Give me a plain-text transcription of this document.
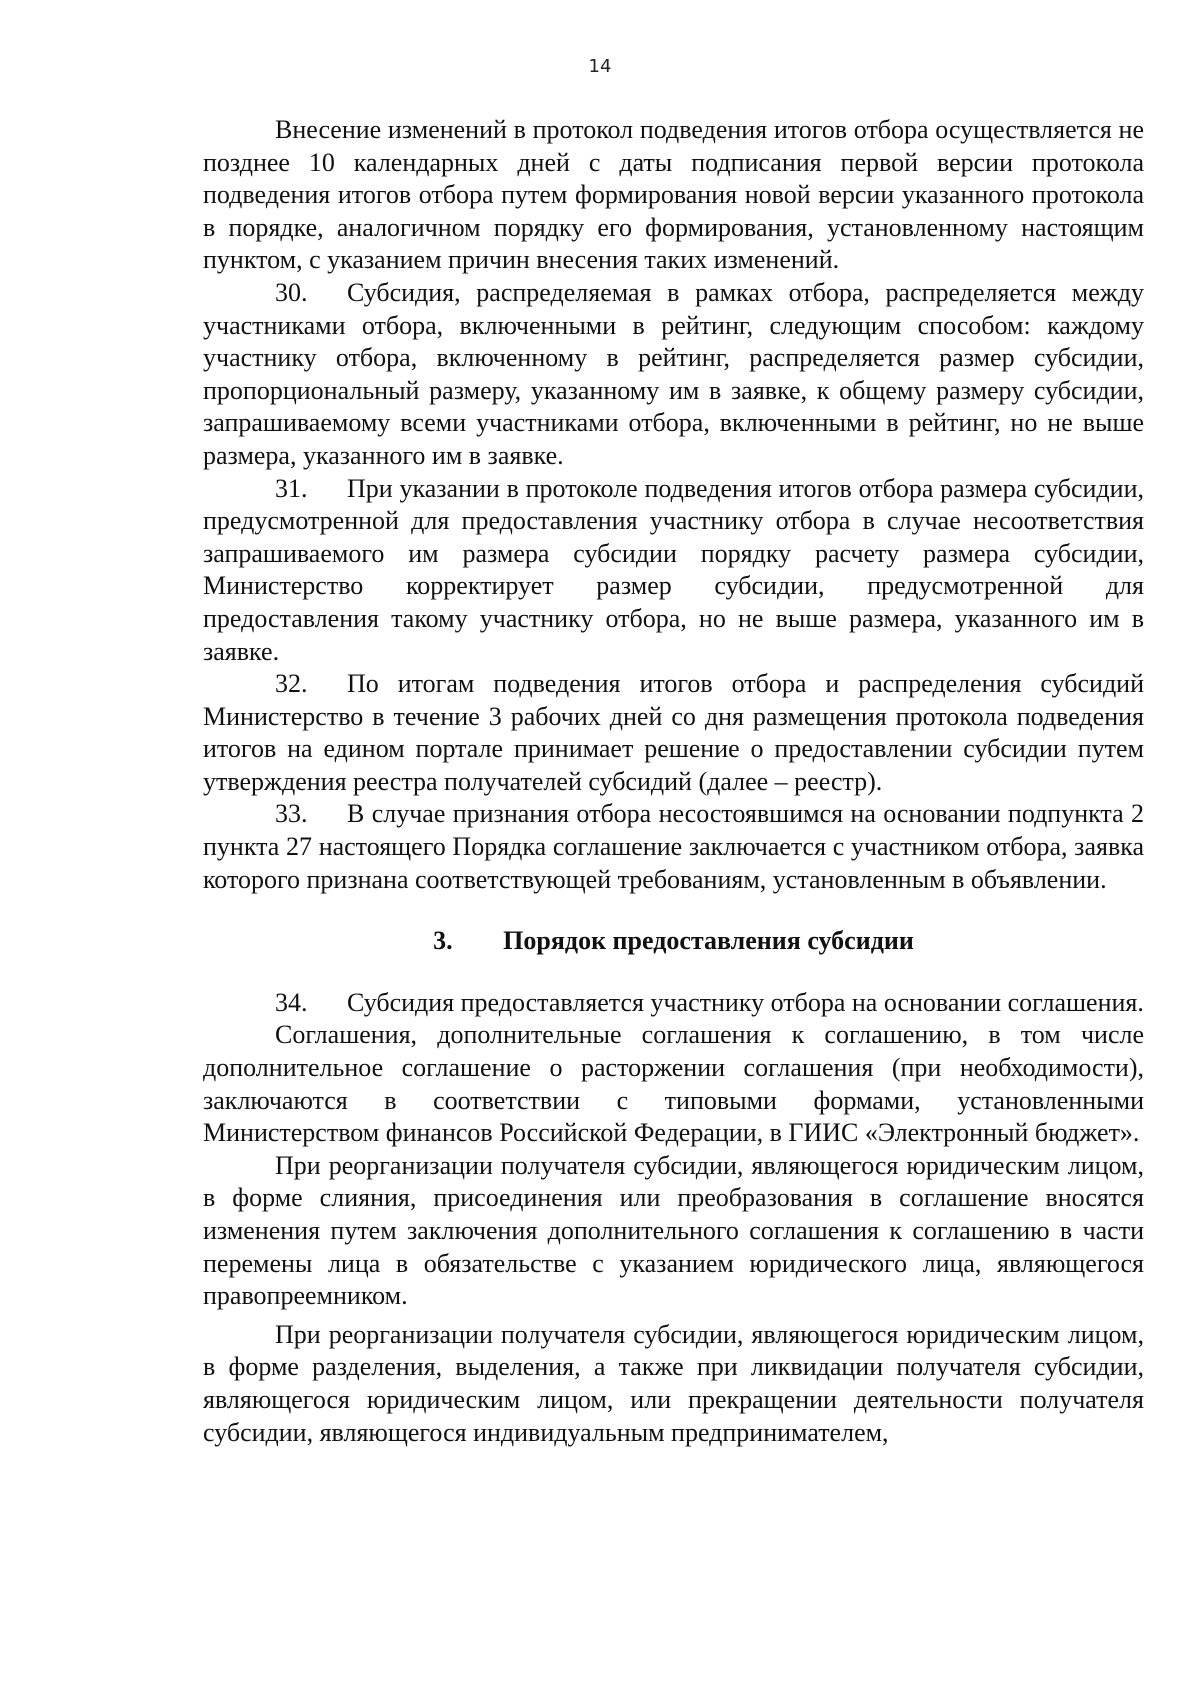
14

Внесение изменений в протокол подведения итогов отбора осуществляется не позднее 10 календарных дней с даты подписания первой версии протокола подведения итогов отбора путем формирования новой версии указанного протокола в порядке, аналогичном порядку его формирования, установленному настоящим пунктом, с указанием причин внесения таких изменений.

30. Субсидия, распределяемая в рамках отбора, распределяется между участниками отбора, включенными в рейтинг, следующим способом: каждому участнику отбора, включенному в рейтинг, распределяется размер субсидии, пропорциональный размеру, указанному им в заявке, к общему размеру субсидии, запрашиваемому всеми участниками отбора, включенными в рейтинг, но не выше размера, указанного им в заявке.

31. При указании в протоколе подведения итогов отбора размера субсидии, предусмотренной для предоставления участнику отбора в случае несоответствия запрашиваемого им размера субсидии порядку расчету размера субсидии, Министерство корректирует размер субсидии, предусмотренной для предоставления такому участнику отбора, но не выше размера, указанного им в заявке.

32. По итогам подведения итогов отбора и распределения субсидий Министерство в течение 3 рабочих дней со дня размещения протокола подведения итогов на едином портале принимает решение о предоставлении субсидии путем утверждения реестра получателей субсидий (далее – реестр).

33. В случае признания отбора несостоявшимся на основании подпункта 2 пункта 27 настоящего Порядка соглашение заключается с участником отбора, заявка которого признана соответствующей требованиям, установленным в объявлении.

3. Порядок предоставления субсидии

34. Субсидия предоставляется участнику отбора на основании соглашения.

Соглашения, дополнительные соглашения к соглашению, в том числе дополнительное соглашение о расторжении соглашения (при необходимости), заключаются в соответствии с типовыми формами, установленными Министерством финансов Российской Федерации, в ГИИС «Электронный бюджет».

При реорганизации получателя субсидии, являющегося юридическим лицом, в форме слияния, присоединения или преобразования в соглашение вносятся изменения путем заключения дополнительного соглашения к соглашению в части перемены лица в обязательстве с указанием юридического лица, являющегося правопреемником.

При реорганизации получателя субсидии, являющегося юридическим лицом, в форме разделения, выделения, а также при ликвидации получателя субсидии, являющегося юридическим лицом, или прекращении деятельности получателя субсидии, являющегося индивидуальным предпринимателем,
